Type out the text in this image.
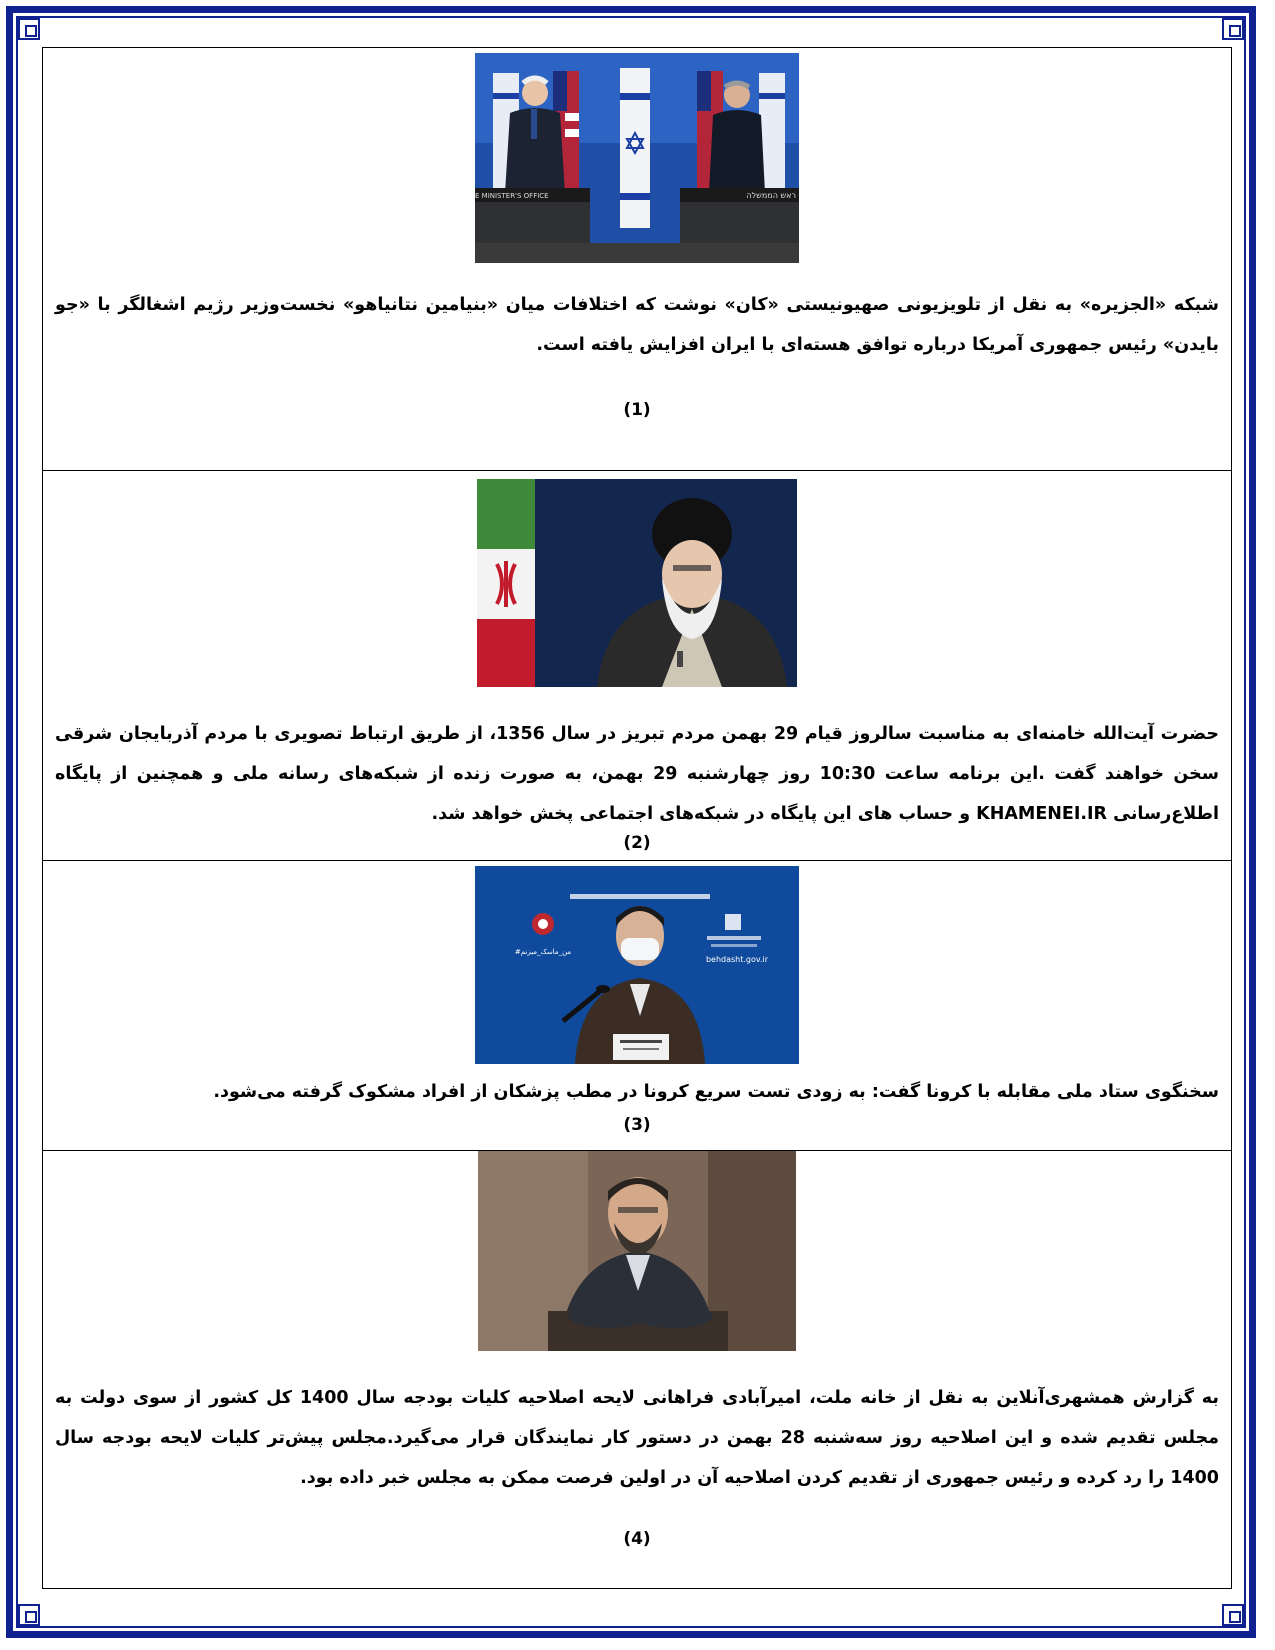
E MINISTER'S OFFICE	ראש הממשלה
شبکه «الجزیره» به نقل از تلویزیونی صهیونیستی «کان» نوشت که اختلافات میان «بنیامین نتانیاهو» نخست‌وزیر رژیم اشغالگر با «جو بایدن» رئیس جمهوری آمریکا درباره توافق هسته‌ای با ایران افزایش یافته است.
(1)
حضرت آیت‌الله خامنه‌ای به مناسبت سالروز قیام 29 بهمن مردم تبریز در سال 1356، از طریق ارتباط تصویری با مردم آذربایجان شرقی سخن خواهند گفت .این برنامه ساعت 10:30 روز چهارشنبه 29 بهمن، به صورت زنده از شبکه‌های رسانه ملی و همچنین از پایگاه اطلاع‌رسانی KHAMENEI.IR و حساب های این پایگاه در شبکه‌های اجتماعی پخش خواهد شد.
(2)
#من_ماسک_میزنم
behdasht.gov.ir
سخنگوی ستاد ملی مقابله با کرونا گفت: به زودی تست سریع کرونا در مطب پزشکان از افراد مشکوک گرفته می‌شود.
(3)
به گزارش همشهری‌آنلاین به نقل از خانه ملت، امیرآبادی فراهانی لایحه اصلاحیه کلیات بودجه سال 1400 کل کشور از سوی دولت به مجلس تقدیم شده و این اصلاحیه روز سه‌شنبه 28 بهمن در دستور کار نمایندگان قرار می‌گیرد.مجلس پیش‌تر کلیات لایحه بودجه سال 1400 را رد کرده و رئیس جمهوری از تقدیم کردن اصلاحیه آن در اولین فرصت ممکن به مجلس خبر داده بود.
(4)
